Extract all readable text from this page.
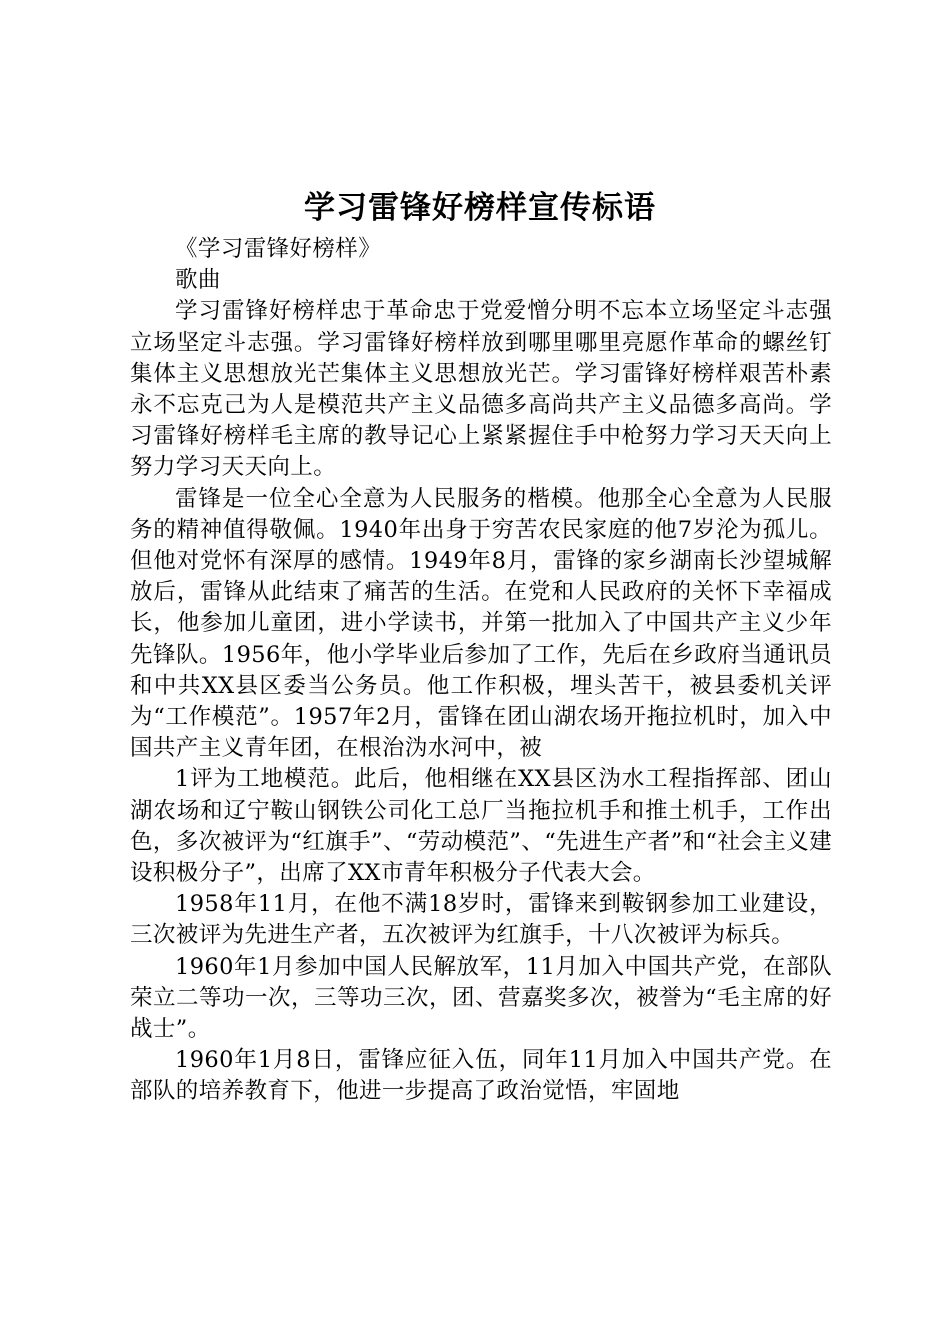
学习雷锋好榜样宣传标语

《学习雷锋好榜样》

歌曲

学习雷锋好榜样忠于革命忠于党爱憎分明不忘本立场坚定斗志强立场坚定斗志强。学习雷锋好榜样放到哪里哪里亮愿作革命的螺丝钉集体主义思想放光芒集体主义思想放光芒。学习雷锋好榜样艰苦朴素永不忘克己为人是模范共产主义品德多高尚共产主义品德多高尚。学习雷锋好榜样毛主席的教导记心上紧紧握住手中枪努力学习天天向上努力学习天天向上。

雷锋是一位全心全意为人民服务的楷模。他那全心全意为人民服务的精神值得敬佩。1940年出身于穷苦农民家庭的他7岁沦为孤儿。但他对党怀有深厚的感情。1949年8月，雷锋的家乡湖南长沙望城解放后，雷锋从此结束了痛苦的生活。在党和人民政府的关怀下幸福成长，他参加儿童团，进小学读书，并第一批加入了中国共产主义少年先锋队。1956年，他小学毕业后参加了工作，先后在乡政府当通讯员和中共XX县区委当公务员。他工作积极，埋头苦干，被县委机关评为“工作模范”。1957年2月，雷锋在团山湖农场开拖拉机时，加入中国共产主义青年团，在根治沩水河中，被

1评为工地模范。此后，他相继在XX县区沩水工程指挥部、团山湖农场和辽宁鞍山钢铁公司化工总厂当拖拉机手和推土机手，工作出色，多次被评为“红旗手”、“劳动模范”、“先进生产者”和“社会主义建设积极分子”，出席了XX市青年积极分子代表大会。

1958年11月，在他不满18岁时，雷锋来到鞍钢参加工业建设，三次被评为先进生产者，五次被评为红旗手，十八次被评为标兵。

1960年1月参加中国人民解放军，11月加入中国共产党，在部队荣立二等功一次，三等功三次，团、营嘉奖多次，被誉为“毛主席的好战士”。

1960年1月8日，雷锋应征入伍，同年11月加入中国共产党。在部队的培养教育下，他进一步提高了政治觉悟，牢固地
